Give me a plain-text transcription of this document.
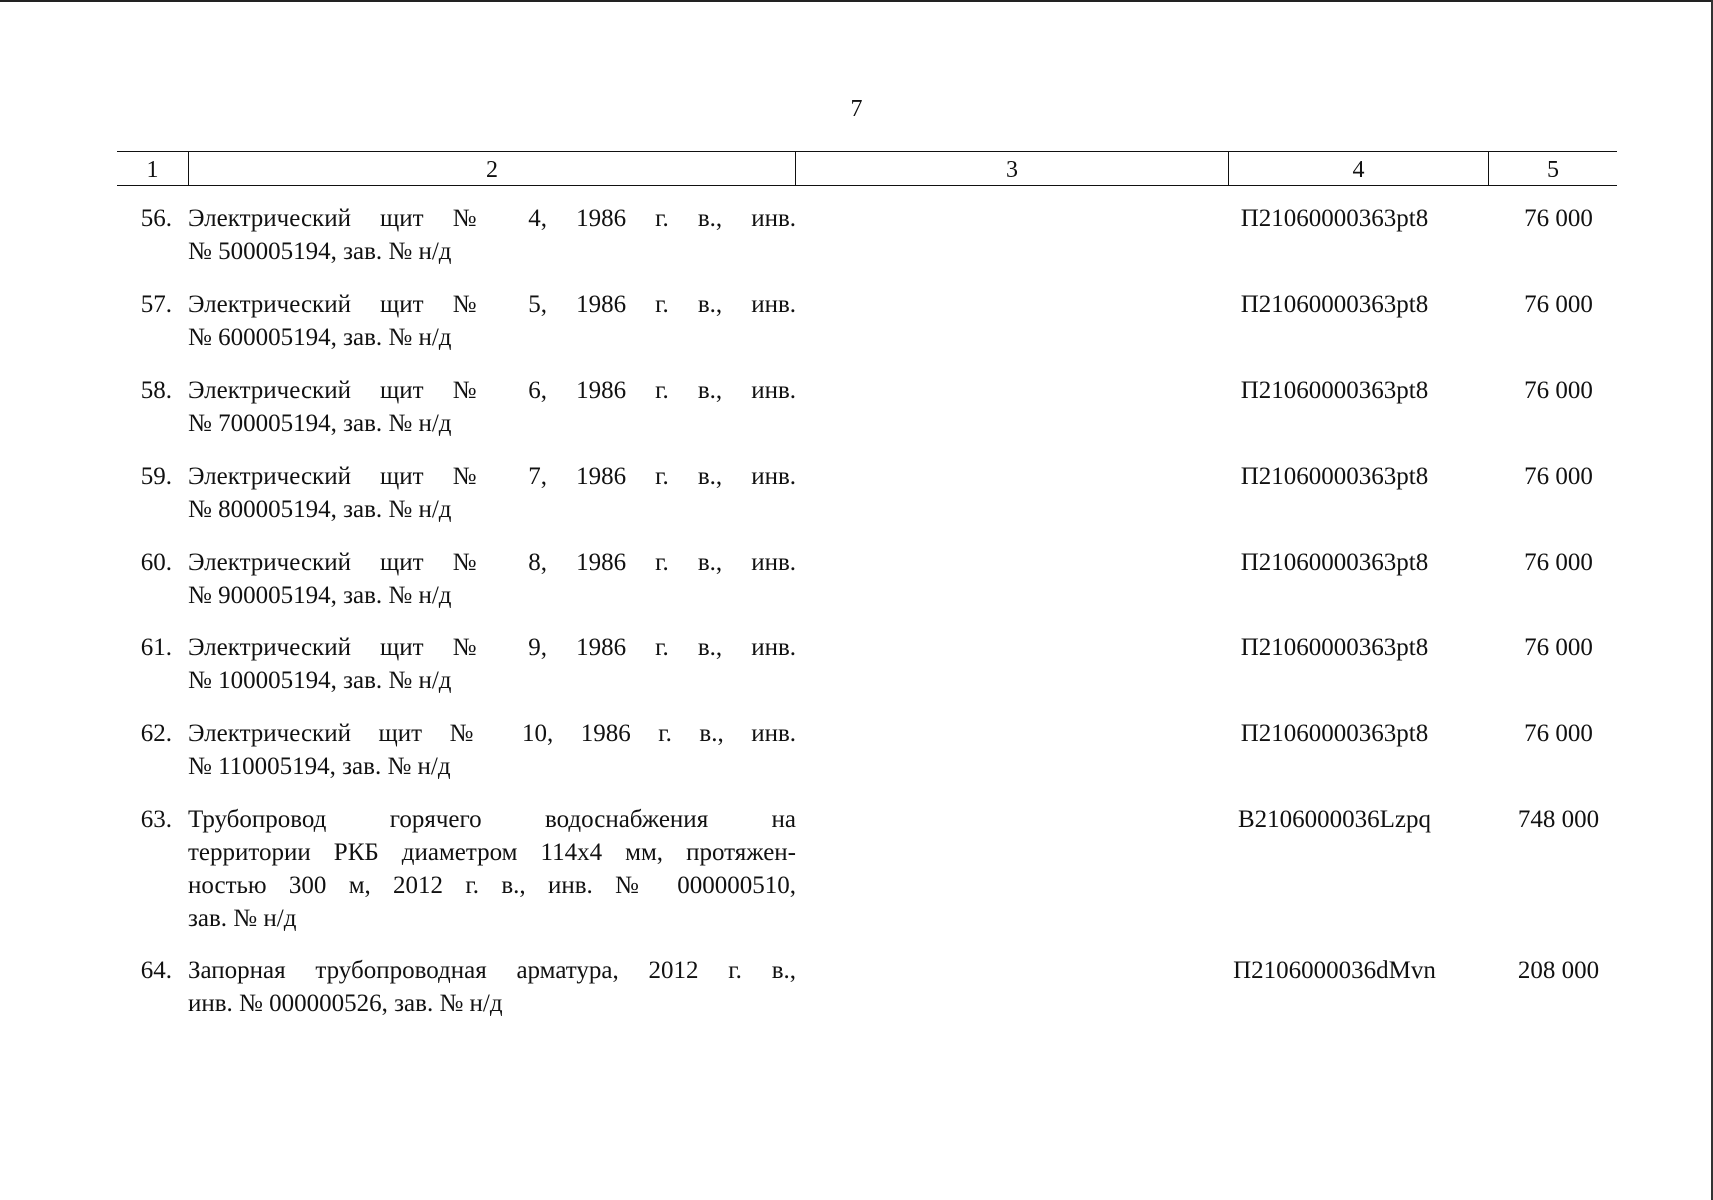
7
1	2	3	4	5
56. Электрический щит № 4, 1986 г. в., инв.
№ 500005194, зав. № н/д
П21060000363pt8	76 000
57. Электрический щит № 5, 1986 г. в., инв.
№ 600005194, зав. № н/д
П21060000363pt8	76 000
58. Электрический щит № 6, 1986 г. в., инв.
№ 700005194, зав. № н/д
П21060000363pt8	76 000
59. Электрический щит № 7, 1986 г. в., инв.
№ 800005194, зав. № н/д
П21060000363pt8	76 000
60. Электрический щит № 8, 1986 г. в., инв.
№ 900005194, зав. № н/д
П21060000363pt8	76 000
61. Электрический щит № 9, 1986 г. в., инв.
№ 100005194, зав. № н/д
П21060000363pt8	76 000
62. Электрический щит № 10, 1986 г. в., инв.
№ 110005194, зав. № н/д
П21060000363pt8	76 000
63. Трубопровод горячего водоснабжения на
территории РКБ диаметром 114х4 мм, протяжен-
ностью 300 м, 2012 г. в., инв. № 000000510,
зав. № н/д
В2106000036Lzpq	748 000
64. Запорная трубопроводная арматура, 2012 г. в.,
инв. № 000000526, зав. № н/д
П2106000036dMvn	208 000
